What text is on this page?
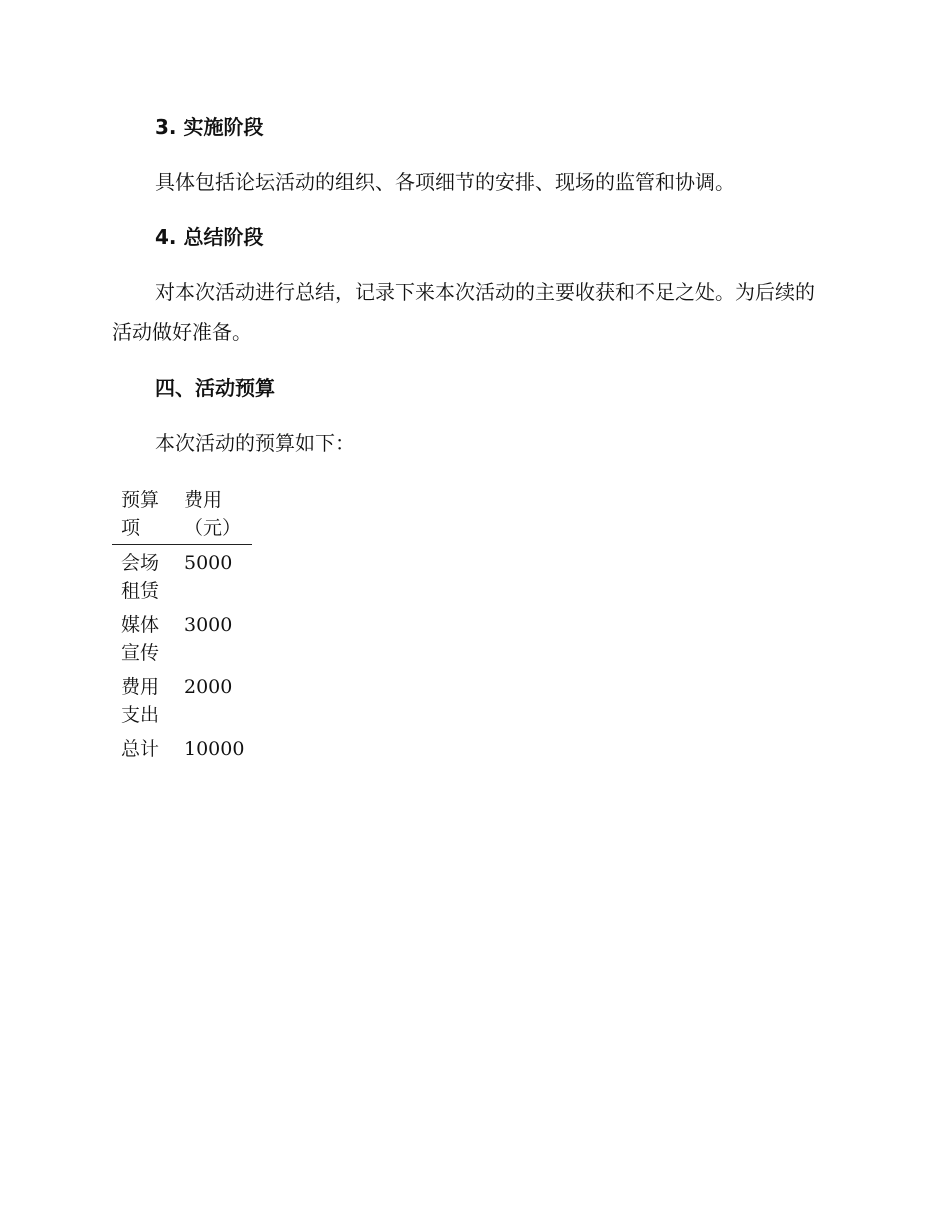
3. 实施阶段

具体包括论坛活动的组织、各项细节的安排、现场的监管和协调。

4. 总结阶段

对本次活动进行总结，记录下来本次活动的主要收获和不足之处。为后续的活动做好准备。

四、活动预算

本次活动的预算如下：

预算项	费用（元）
会场租赁	5000
媒体宣传	3000
费用支出	2000
总计	10000
